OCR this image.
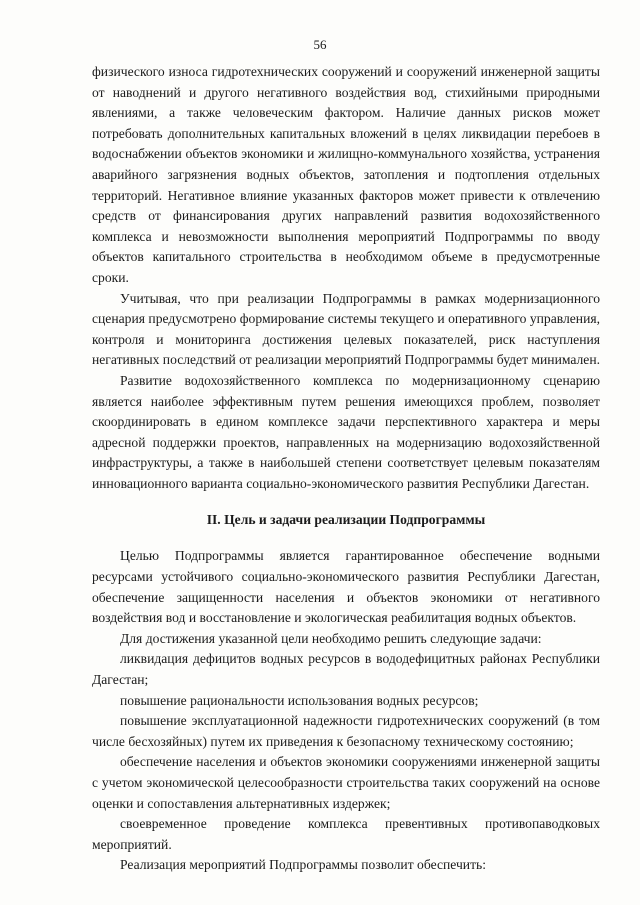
56

физического износа гидротехнических сооружений и сооружений инженерной защиты от наводнений и другого негативного воздействия вод, стихийными природными явлениями, а также человеческим фактором. Наличие данных рисков может потребовать дополнительных капитальных вложений в целях ликвидации перебоев в водоснабжении объектов экономики и жилищно-коммунального хозяйства, устранения аварийного загрязнения водных объектов, затопления и подтопления отдельных территорий. Негативное влияние указанных факторов может привести к отвлечению средств от финансирования других направлений развития водохозяйственного комплекса и невозможности выполнения мероприятий Подпрограммы по вводу объектов капитального строительства в необходимом объеме в предусмотренные сроки.

Учитывая, что при реализации Подпрограммы в рамках модернизационного сценария предусмотрено формирование системы текущего и оперативного управления, контроля и мониторинга достижения целевых показателей, риск наступления негативных последствий от реализации мероприятий Подпрограммы будет минимален.

Развитие водохозяйственного комплекса по модернизационному сценарию является наиболее эффективным путем решения имеющихся проблем, позволяет скоординировать в едином комплексе задачи перспективного характера и меры адресной поддержки проектов, направленных на модернизацию водохозяйственной инфраструктуры, а также в наибольшей степени соответствует целевым показателям инновационного варианта социально-экономического развития Республики Дагестан.

II. Цель и задачи реализации Подпрограммы

Целью Подпрограммы является гарантированное обеспечение водными ресурсами устойчивого социально-экономического развития Республики Дагестан, обеспечение защищенности населения и объектов экономики от негативного воздействия вод и восстановление и экологическая реабилитация водных объектов.

Для достижения указанной цели необходимо решить следующие задачи:

ликвидация дефицитов водных ресурсов в вододефицитных районах Республики Дагестан;

повышение рациональности использования водных ресурсов;

повышение эксплуатационной надежности гидротехнических сооружений (в том числе бесхозяйных) путем их приведения к безопасному техническому состоянию;

обеспечение населения и объектов экономики сооружениями инженерной защиты с учетом экономической целесообразности строительства таких сооружений на основе оценки и сопоставления альтернативных издержек;

своевременное проведение комплекса превентивных противопаводковых мероприятий.

Реализация мероприятий Подпрограммы позволит обеспечить:
